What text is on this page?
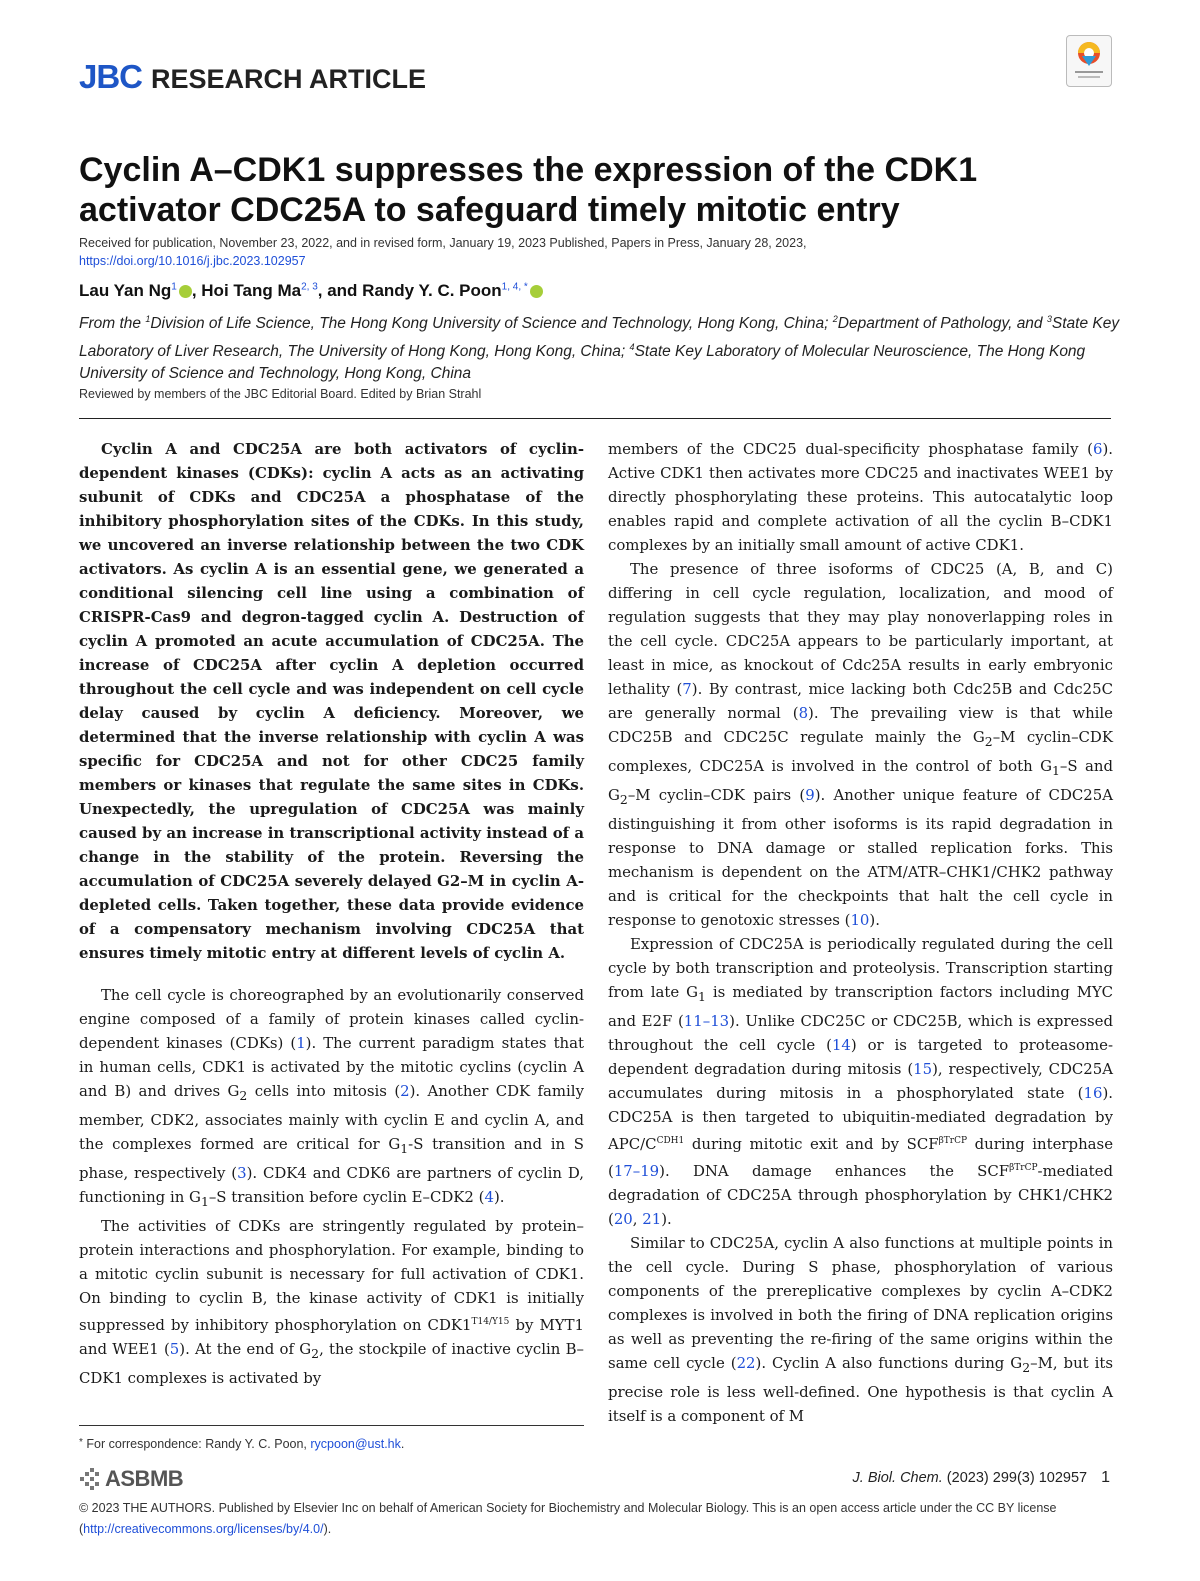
JBC RESEARCH ARTICLE
Cyclin A–CDK1 suppresses the expression of the CDK1
activator CDC25A to safeguard timely mitotic entry
Received for publication, November 23, 2022, and in revised form, January 19, 2023 Published, Papers in Press, January 28, 2023,
https://doi.org/10.1016/j.jbc.2023.102957
Lau Yan Ng$^1$ , Hoi Tang Ma$^{2, 3}$, and Randy Y. C. Poon$^{1, 4, *}$
From the $^1$Division of Life Science, The Hong Kong University of Science and Technology, Hong Kong, China; $^2$Department of Pathology, and $^3$State Key Laboratory of Liver Research, The University of Hong Kong, Hong Kong, China; $^4$State Key Laboratory of Molecular Neuroscience, The Hong Kong University of Science and Technology, Hong Kong, China
Reviewed by members of the JBC Editorial Board. Edited by Brian Strahl

Cyclin A and CDC25A are both activators of cyclin-dependent kinases (CDKs): cyclin A acts as an activating subunit of CDKs and CDC25A a phosphatase of the inhibitory phosphorylation sites of the CDKs. In this study, we uncovered an inverse relationship between the two CDK activators. As cyclin A is an essential gene, we generated a conditional silencing cell line using a combination of CRISPR-Cas9 and degron-tagged cyclin A. Destruction of cyclin A promoted an acute accumulation of CDC25A. The increase of CDC25A after cyclin A depletion occurred throughout the cell cycle and was independent on cell cycle delay caused by cyclin A deficiency. Moreover, we determined that the inverse relationship with cyclin A was specific for CDC25A and not for other CDC25 family members or kinases that regulate the same sites in CDKs. Unexpectedly, the upregulation of CDC25A was mainly caused by an increase in transcriptional activity instead of a change in the stability of the protein. Reversing the accumulation of CDC25A severely delayed G2–M in cyclin A-depleted cells. Taken together, these data provide evidence of a compensatory mechanism involving CDC25A that ensures timely mitotic entry at different levels of cyclin A.

The cell cycle is choreographed by an evolutionarily conserved engine composed of a family of protein kinases called cyclin-dependent kinases (CDKs) (1). The current paradigm states that in human cells, CDK1 is activated by the mitotic cyclins (cyclin A and B) and drives $G_2$ cells into mitosis (2). Another CDK family member, CDK2, associates mainly with cyclin E and cyclin A, and the complexes formed are critical for $G_1-S$ transition and in S phase, respectively (3). CDK4 and CDK6 are partners of cyclin D, functioning in $G_1-S$ transition before cyclin E–CDK2 (4).

The activities of CDKs are stringently regulated by protein–protein interactions and phosphorylation. For example, binding to a mitotic cyclin subunit is necessary for full activation of CDK1. On binding to cyclin B, the kinase activity of CDK1 is initially suppressed by inhibitory phosphorylation on $CDK1^{T14/Y15}$ by MYT1 and WEE1 (5). At the end of $G_2$, the stockpile of inactive cyclin B–CDK1 complexes is activated by

members of the CDC25 dual-specificity phosphatase family (6). Active CDK1 then activates more CDC25 and inactivates WEE1 by directly phosphorylating these proteins. This autocatalytic loop enables rapid and complete activation of all the cyclin B–CDK1 complexes by an initially small amount of active CDK1.

The presence of three isoforms of CDC25 (A, B, and C) differing in cell cycle regulation, localization, and mood of regulation suggests that they may play nonoverlapping roles in the cell cycle. CDC25A appears to be particularly important, at least in mice, as knockout of Cdc25A results in early embryonic lethality (7). By contrast, mice lacking both Cdc25B and Cdc25C are generally normal (8). The prevailing view is that while CDC25B and CDC25C regulate mainly the $G_2-M$ cyclin–CDK complexes, CDC25A is involved in the control of both $G_1-S$ and $G_2-M$ cyclin–CDK pairs (9). Another unique feature of CDC25A distinguishing it from other isoforms is its rapid degradation in response to DNA damage or stalled replication forks. This mechanism is dependent on the ATM/ATR–CHK1/CHK2 pathway and is critical for the checkpoints that halt the cell cycle in response to genotoxic stresses (10).

Expression of CDC25A is periodically regulated during the cell cycle by both transcription and proteolysis. Transcription starting from late $G_1$ is mediated by transcription factors including MYC and E2F (11–13). Unlike CDC25C or CDC25B, which is expressed throughout the cell cycle (14) or is targeted to proteasome-dependent degradation during mitosis (15), respectively, CDC25A accumulates during mitosis in a phosphorylated state (16). CDC25A is then targeted to ubiquitin-mediated degradation by APC/$C^{CDH1}$ during mitotic exit and by $SCF^{\beta TrCP}$ during interphase (17–19). DNA damage enhances the $SCF^{\beta TrCP}$-mediated degradation of CDC25A through phosphorylation by CHK1/CHK2 (20, 21).

Similar to CDC25A, cyclin A also functions at multiple points in the cell cycle. During S phase, phosphorylation of various components of the prereplicative complexes by cyclin A–CDK2 complexes is involved in both the firing of DNA replication origins as well as preventing the re-firing of the same origins within the same cell cycle (22). Cyclin A also functions during $G_2-M$, but its precise role is less well-defined. One hypothesis is that cyclin A itself is a component of M

* For correspondence: Randy Y. C. Poon, rycpoon@ust.hk.
ASBMB	J. Biol. Chem. (2023) 299(3) 102957 1
© 2023 THE AUTHORS. Published by Elsevier Inc on behalf of American Society for Biochemistry and Molecular Biology. This is an open access article under the CC BY license (http://creativecommons.org/licenses/by/4.0/).
